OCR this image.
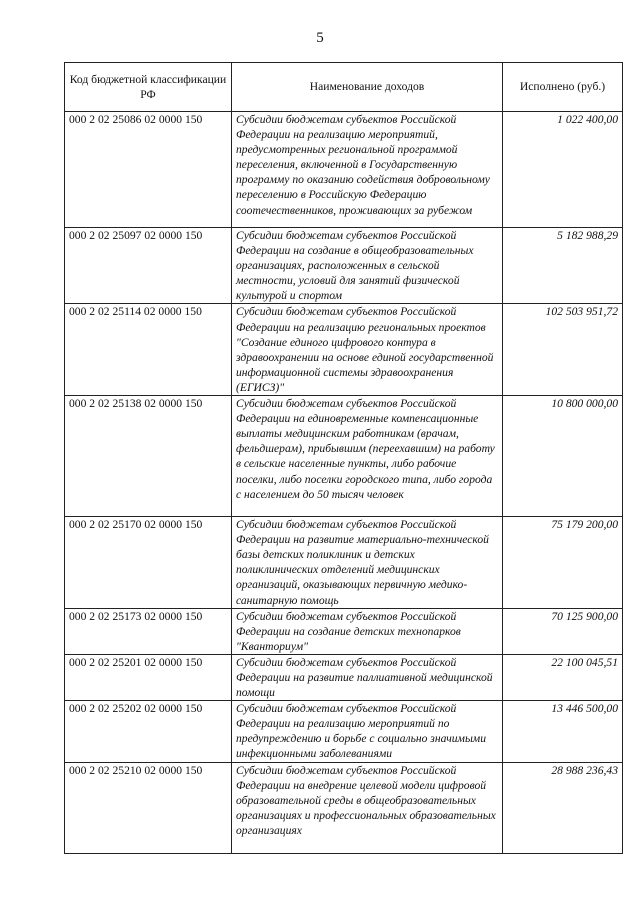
5
Код бюджетной классификации РФ	Наименование доходов	Исполнено (руб.)
000 2 02 25086 02 0000 150	Субсидии бюджетам субъектов Российской Федерации на реализацию мероприятий, предусмотренных региональной программой переселения, включенной в Государственную программу по оказанию содействия добровольному переселению в Российскую Федерацию соотечественников, проживающих за рубежом	1 022 400,00
000 2 02 25097 02 0000 150	Субсидии бюджетам субъектов Российской Федерации на создание в общеобразовательных организациях, расположенных в сельской местности, условий для занятий физической культурой и спортом	5 182 988,29
000 2 02 25114 02 0000 150	Субсидии бюджетам субъектов Российской Федерации на реализацию региональных проектов "Создание единого цифрового контура в здравоохранении на основе единой государственной информационной системы здравоохранения (ЕГИСЗ)"	102 503 951,72
000 2 02 25138 02 0000 150	Субсидии бюджетам субъектов Российской Федерации на единовременные компенсационные выплаты медицинским работникам (врачам, фельдшерам), прибывшим (переехавшим) на работу в сельские населенные пункты, либо рабочие поселки, либо поселки городского типа, либо города с населением до 50 тысяч человек	10 800 000,00
000 2 02 25170 02 0000 150	Субсидии бюджетам субъектов Российской Федерации на развитие материально-технической базы детских поликлиник и детских поликлинических отделений медицинских организаций, оказывающих первичную медико-санитарную помощь	75 179 200,00
000 2 02 25173 02 0000 150	Субсидии бюджетам субъектов Российской Федерации на создание детских технопарков "Кванториум"	70 125 900,00
000 2 02 25201 02 0000 150	Субсидии бюджетам субъектов Российской Федерации на развитие паллиативной медицинской помощи	22 100 045,51
000 2 02 25202 02 0000 150	Субсидии бюджетам субъектов Российской Федерации на реализацию мероприятий по предупреждению и борьбе с социально значимыми инфекционными заболеваниями	13 446 500,00
000 2 02 25210 02 0000 150	Субсидии бюджетам субъектов Российской Федерации на внедрение целевой модели цифровой образовательной среды в общеобразовательных организациях и профессиональных образовательных организациях	28 988 236,43
